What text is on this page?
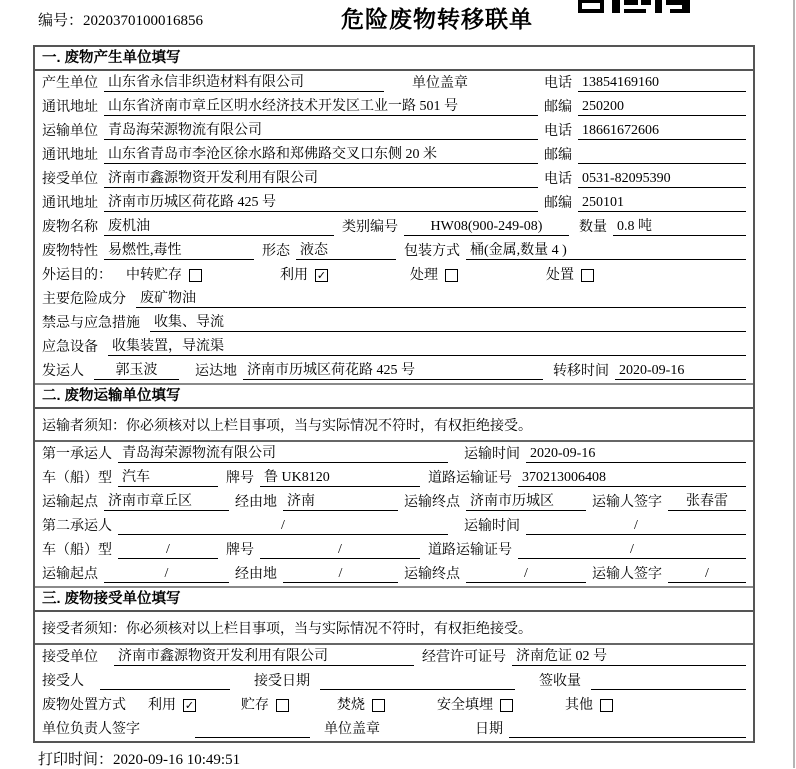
编号：2020370100016856	危险废物转移联单
一. 废物产生单位填写
产生单位 山东省永信非织造材料有限公司	单位盖章	电话 13854169160
通讯地址 山东省济南市章丘区明水经济技术开发区工业一路 501 号	邮编 250200
运输单位 青岛海荣源物流有限公司	电话 18661672606
通讯地址 山东省青岛市李沧区徐水路和郑佛路交叉口东侧 20 米	邮编
接受单位 济南市鑫源物资开发利用有限公司	电话 0531-82095390
通讯地址 济南市历城区荷花路 425 号	邮编 250101
废物名称 废机油	类别编号	HW08(900-249-08)	数量 0.8 吨
废物特性 易燃性,毒性	形态 液态	包装方式 桶(金属,数量 4 )
外运目的： 中转贮存	利用 ✓	处理	处置
主要危险成分 废矿物油
禁忌与应急措施 收集、导流
应急设备 收集装置，导流渠
发运人	郭玉波	运达地 济南市历城区荷花路 425 号	转移时间 2020-09-16
二. 废物运输单位填写
运输者须知：你必须核对以上栏目事项，当与实际情况不符时，有权拒绝接受。
第一承运人 青岛海荣源物流有限公司	运输时间 2020-09-16
车（船）型 汽车	牌号 鲁 UK8120	道路运输证号 370213006408
运输起点 济南市章丘区	经由地 济南	运输终点 济南市历城区	运输人签字	张春雷
第二承运人	/	运输时间	/
车（船）型	/	牌号	/	道路运输证号	/
运输起点	/	经由地	/	运输终点	/	运输人签字	/
三. 废物接受单位填写
接受者须知：你必须核对以上栏目事项，当与实际情况不符时，有权拒绝接受。
接受单位 济南市鑫源物资开发利用有限公司	经营许可证号 济南危证 02 号
接受人	接受日期	签收量
废物处置方式 利用 ✓	贮存	焚烧	安全填埋	其他
单位负责人签字	单位盖章	日期
打印时间：2020-09-16 10:49:51
